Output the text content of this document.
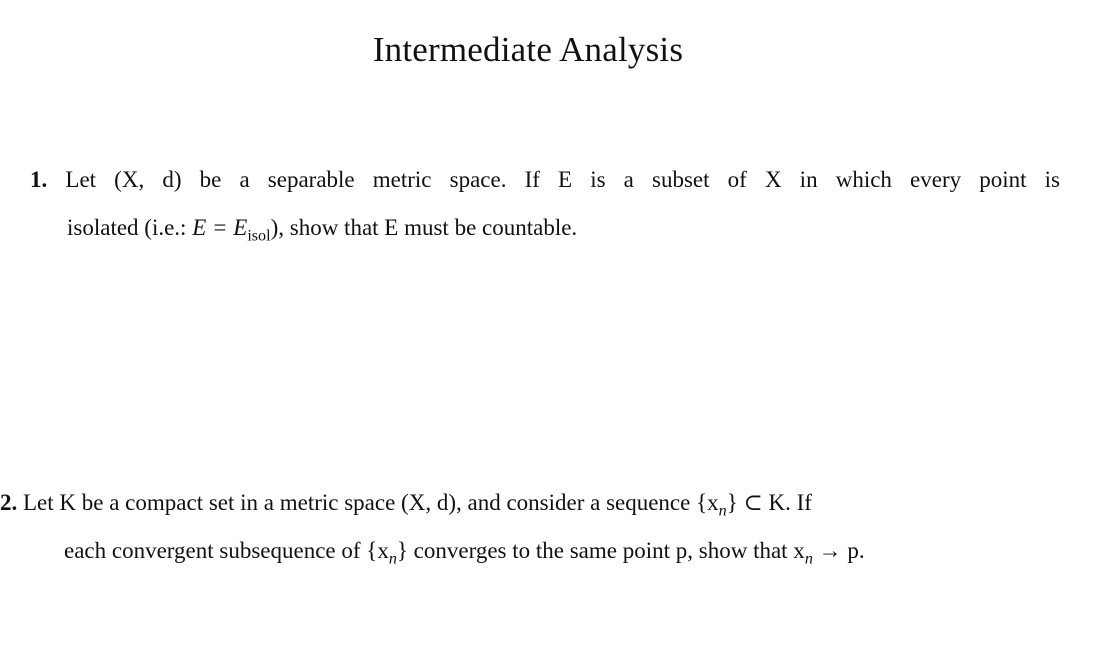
Intermediate Analysis
1. Let (X, d) be a separable metric space. If E is a subset of X in which every point is
isolated (i.e.: $E = E_{isol}$), show that E must be countable.
2. Let K be a compact set in a metric space (X, d), and consider a sequence $\{x_n\}$ ⊂ K. If
each convergent subsequence of $\{x_n\}$ converges to the same point p, show that $x_n \to p$.
